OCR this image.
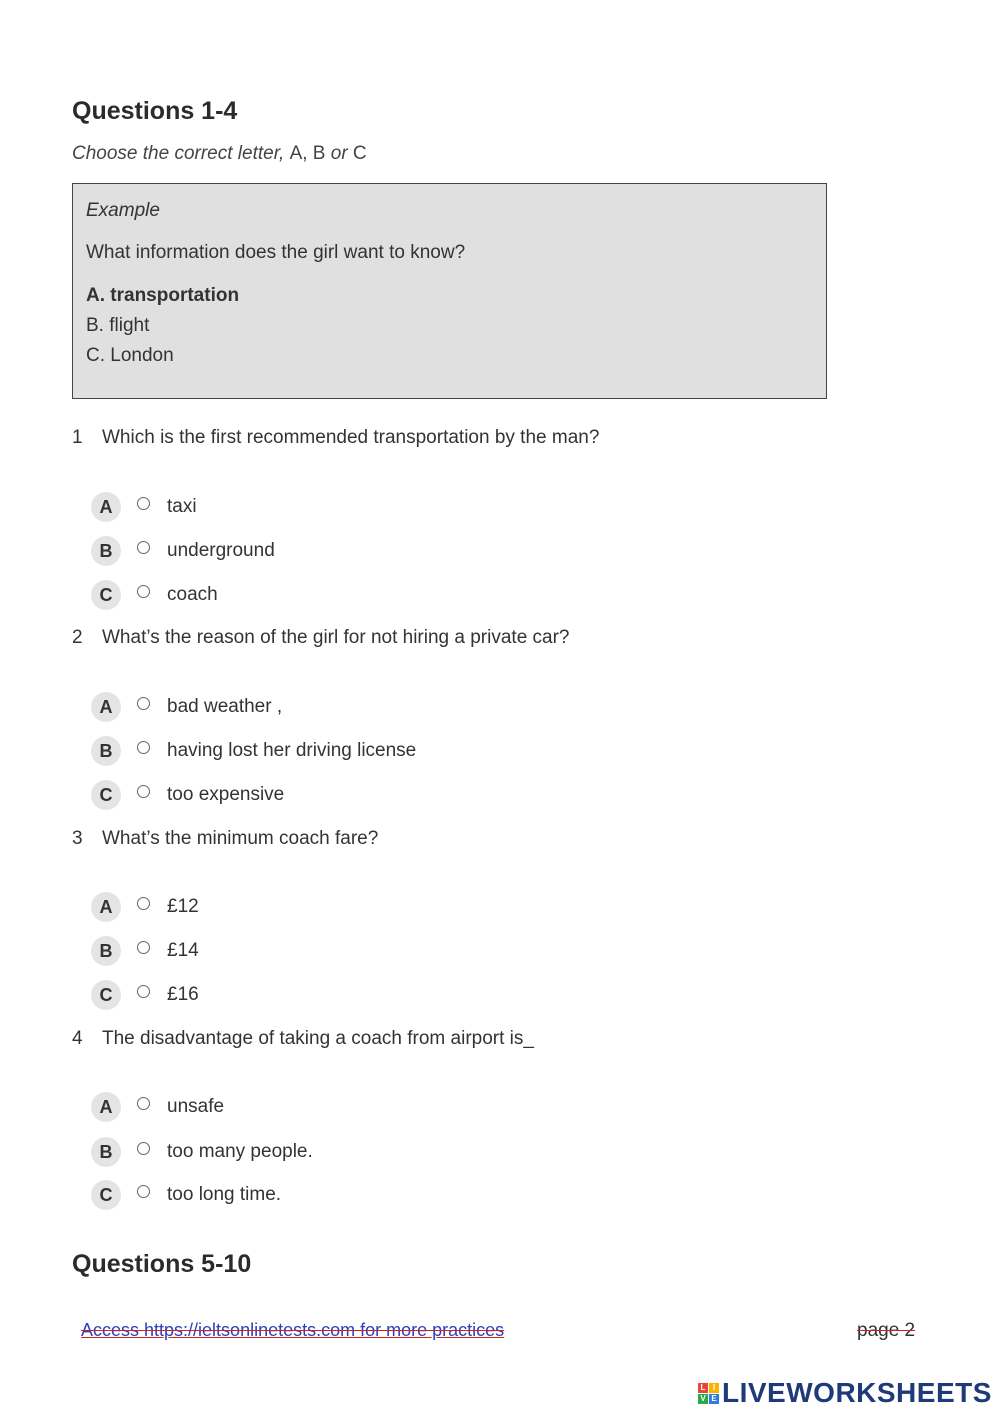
Questions 1-4

Choose the correct letter, A, B or C

Example
What information does the girl want to know?
A. transportation
B. flight
C. London
1 Which is the first recommended transportation by the man?
A	taxi
B	underground
C	coach
2 What’s the reason of the girl for not hiring a private car?
A	bad weather ,
B	having lost her driving license
C	too expensive
3 What’s the minimum coach fare?
A	£12
B	£14
C	£16
4 The disadvantage of taking a coach from airport is_
A	unsafe
B	too many people.
C	too long time.
Questions 5-10
Access https://ieltsonlinetests.com for more practices	page 2
L I
V E LIVEWORKSHEETS
